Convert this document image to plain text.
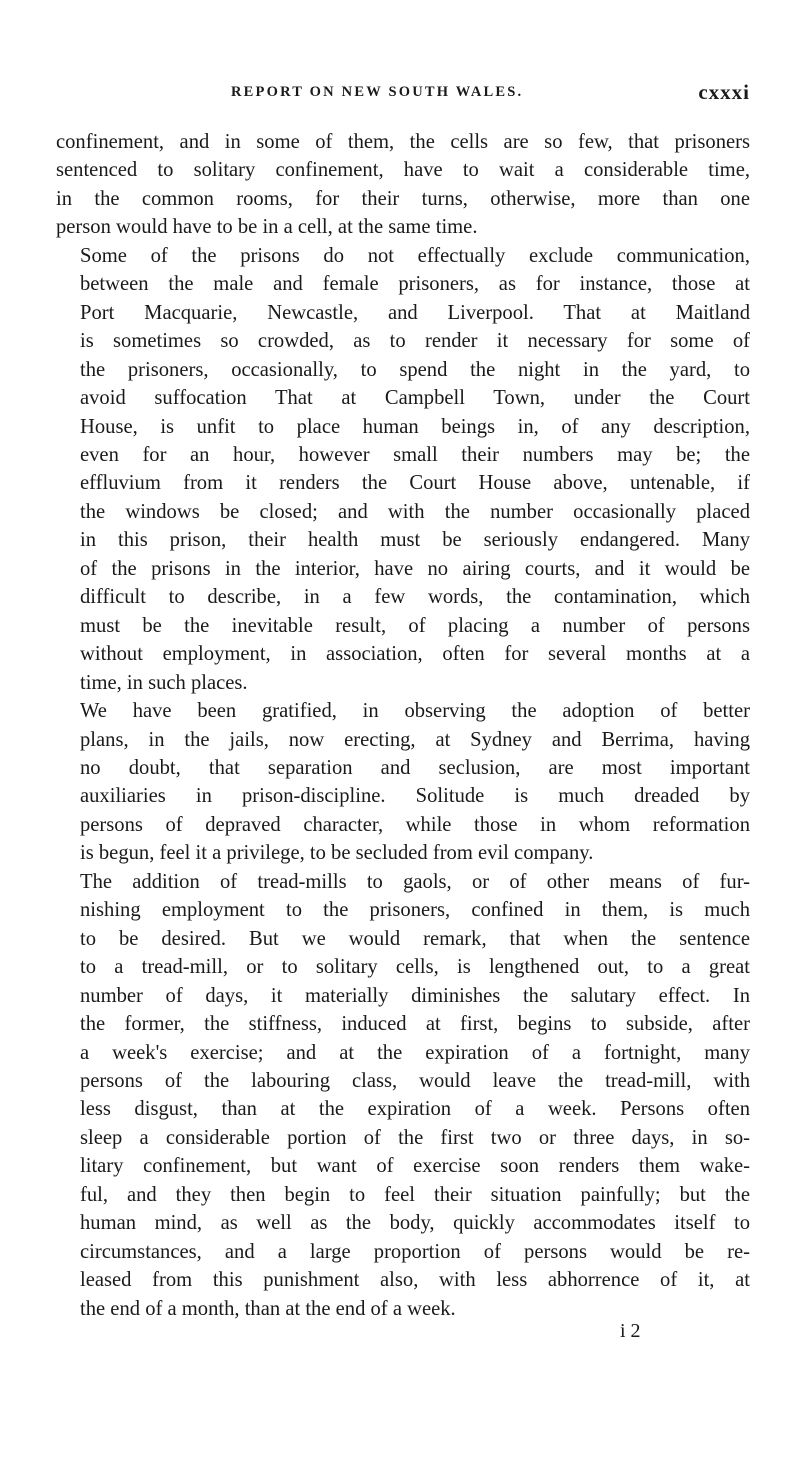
REPORT ON NEW SOUTH WALES.	cxxxi

confinement, and in some of them, the cells are so few, that prisoners
sentenced to solitary confinement, have to wait a considerable time,
in the common rooms, for their turns, otherwise, more than one
person would have to be in a cell, at the same time.

Some of the prisons do not effectually exclude communication,
between the male and female prisoners, as for instance, those at
Port Macquarie, Newcastle, and Liverpool. That at Maitland
is sometimes so crowded, as to render it necessary for some of
the prisoners, occasionally, to spend the night in the yard, to
avoid suffocation That at Campbell Town, under the Court
House, is unfit to place human beings in, of any description,
even for an hour, however small their numbers may be; the
effluvium from it renders the Court House above, untenable, if
the windows be closed; and with the number occasionally placed
in this prison, their health must be seriously endangered. Many
of the prisons in the interior, have no airing courts, and it would be
difficult to describe, in a few words, the contamination, which
must be the inevitable result, of placing a number of persons
without employment, in association, often for several months at a
time, in such places.

We have been gratified, in observing the adoption of better
plans, in the jails, now erecting, at Sydney and Berrima, having
no doubt, that separation and seclusion, are most important
auxiliaries in prison-discipline. Solitude is much dreaded by
persons of depraved character, while those in whom reformation
is begun, feel it a privilege, to be secluded from evil company.

The addition of tread-mills to gaols, or of other means of fur-
nishing employment to the prisoners, confined in them, is much
to be desired. But we would remark, that when the sentence
to a tread-mill, or to solitary cells, is lengthened out, to a great
number of days, it materially diminishes the salutary effect. In
the former, the stiffness, induced at first, begins to subside, after
a week's exercise; and at the expiration of a fortnight, many
persons of the labouring class, would leave the tread-mill, with
less disgust, than at the expiration of a week. Persons often
sleep a considerable portion of the first two or three days, in so-
litary confinement, but want of exercise soon renders them wake-
ful, and they then begin to feel their situation painfully; but the
human mind, as well as the body, quickly accommodates itself to
circumstances, and a large proportion of persons would be re-
leased from this punishment also, with less abhorrence of it, at
the end of a month, than at the end of a week.

i 2
